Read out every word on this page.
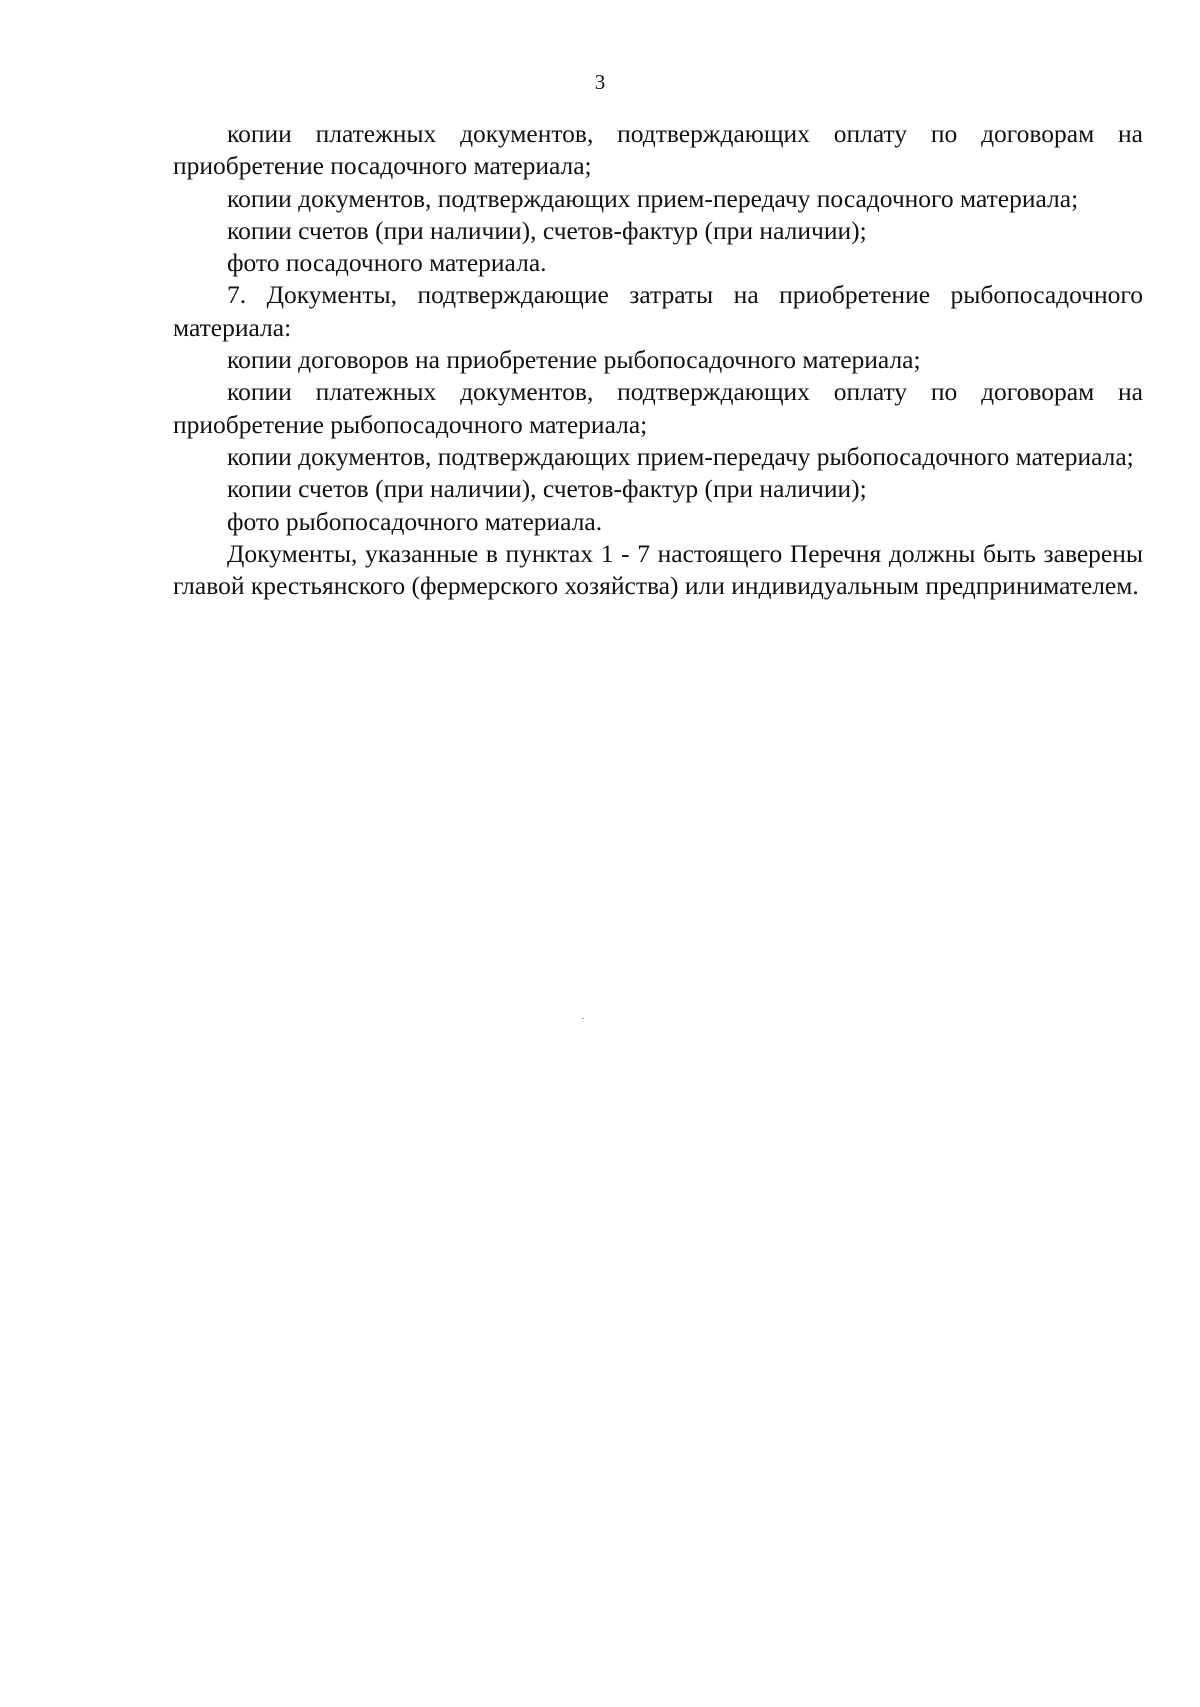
3

копии платежных документов, подтверждающих оплату по договорам на приобретение посадочного материала;

копии документов, подтверждающих прием-передачу посадочного материала;

копии счетов (при наличии), счетов-фактур (при наличии);

фото посадочного материала.

7. Документы, подтверждающие затраты на приобретение рыбопосадочного материала:

копии договоров на приобретение рыбопосадочного материала;

копии платежных документов, подтверждающих оплату по договорам на приобретение рыбопосадочного материала;

копии документов, подтверждающих прием-передачу рыбопосадочного материала;

копии счетов (при наличии), счетов-фактур (при наличии);

фото рыбопосадочного материала.

Документы, указанные в пунктах 1 - 7 настоящего Перечня должны быть заверены главой крестьянского (фермерского хозяйства) или индивидуальным предпринимателем.
